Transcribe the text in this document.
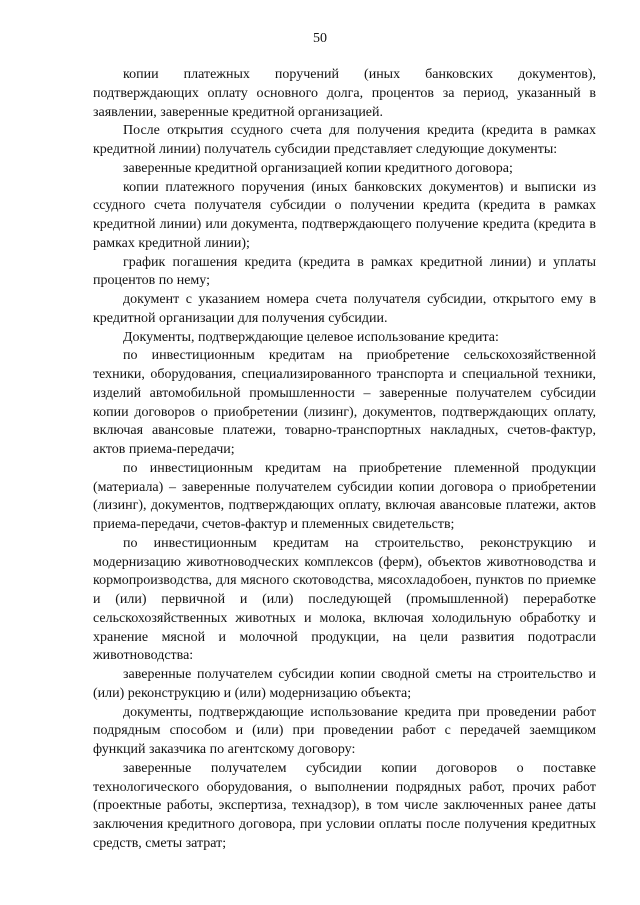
50

копии платежных поручений (иных банковских документов), подтверждающих оплату основного долга, процентов за период, указанный в заявлении, заверенные кредитной организацией.

После открытия ссудного счета для получения кредита (кредита в рамках кредитной линии) получатель субсидии представляет следующие документы:

заверенные кредитной организацией копии кредитного договора;

копии платежного поручения (иных банковских документов) и выписки из ссудного счета получателя субсидии о получении кредита (кредита в рамках кредитной линии) или документа, подтверждающего получение кредита (кредита в рамках кредитной линии);

график погашения кредита (кредита в рамках кредитной линии) и уплаты процентов по нему;

документ с указанием номера счета получателя субсидии, открытого ему в кредитной организации для получения субсидии.

Документы, подтверждающие целевое использование кредита:

по инвестиционным кредитам на приобретение сельскохозяйственной техники, оборудования, специализированного транспорта и специальной техники, изделий автомобильной промышленности – заверенные получателем субсидии копии договоров о приобретении (лизинг), документов, подтверждающих оплату, включая авансовые платежи, товарно-транспортных накладных, счетов-фактур, актов приема-передачи;

по инвестиционным кредитам на приобретение племенной продукции (материала) – заверенные получателем субсидии копии договора о приобретении (лизинг), документов, подтверждающих оплату, включая авансовые платежи, актов приема-передачи, счетов-фактур и племенных свидетельств;

по инвестиционным кредитам на строительство, реконструкцию и модернизацию животноводческих комплексов (ферм), объектов животноводства и кормопроизводства, для мясного скотоводства, мясохладобоен, пунктов по приемке и (или) первичной и (или) последующей (промышленной) переработке сельскохозяйственных животных и молока, включая холодильную обработку и хранение мясной и молочной продукции, на цели развития подотрасли животноводства:

заверенные получателем субсидии копии сводной сметы на строительство и (или) реконструкцию и (или) модернизацию объекта;

документы, подтверждающие использование кредита при проведении работ подрядным способом и (или) при проведении работ с передачей заемщиком функций заказчика по агентскому договору:

заверенные получателем субсидии копии договоров о поставке технологического оборудования, о выполнении подрядных работ, прочих работ (проектные работы, экспертиза, технадзор), в том числе заключенных ранее даты заключения кредитного договора, при условии оплаты после получения кредитных средств, сметы затрат;
